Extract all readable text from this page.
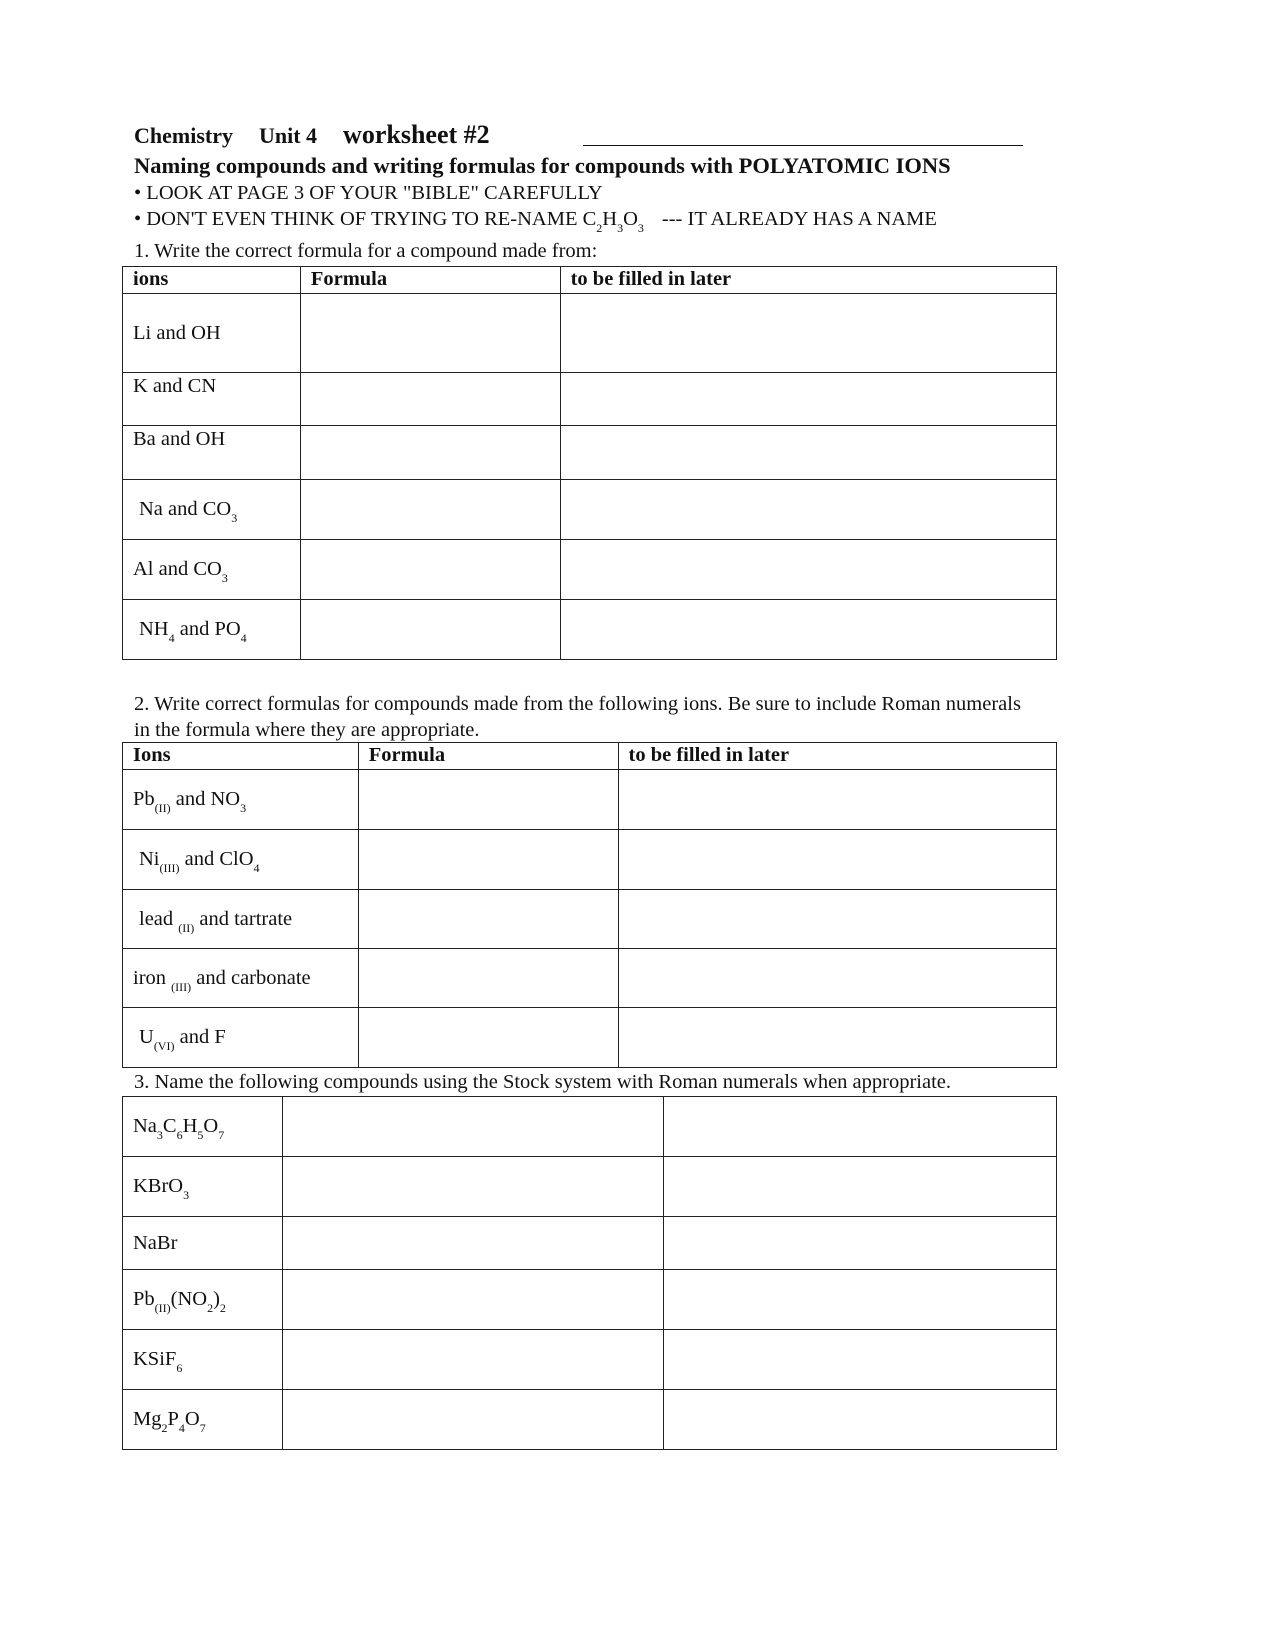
Chemistry Unit 4 worksheet #2
Naming compounds and writing formulas for compounds with POLYATOMIC IONS
• LOOK AT PAGE 3 OF YOUR "BIBLE" CAREFULLY
• DON'T EVEN THINK OF TRYING TO RE-NAME $C_2H_3O_3$ --- IT ALREADY HAS A NAME
1. Write the correct formula for a compound made from:
ions	Formula	to be filled in later
Li and OH		
K and CN		
Ba and OH		
Na and $CO_3$		
Al and $CO_3$		
$NH_4$ and $PO_4$		
2. Write correct formulas for compounds made from the following ions. Be sure to include Roman numerals
in the formula where they are appropriate.
Ions	Formula	to be filled in later
$Pb_{(II)}$ and $NO_3$		
$Ni_{(III)}$ and ClO$_4$		
lead $_{(II)}$ and tartrate		
iron $_{(III)}$ and carbonate		
$U_{(VI)}$ and F		
3. Name the following compounds using the Stock system with Roman numerals when appropriate.
$Na_3C_6H_5O_7$		
KBrO$_3$		
NaBr		
$Pb_{(II)}(NO_2)_2$		
KSiF$_6$		
$Mg_2P_4O_7$		
